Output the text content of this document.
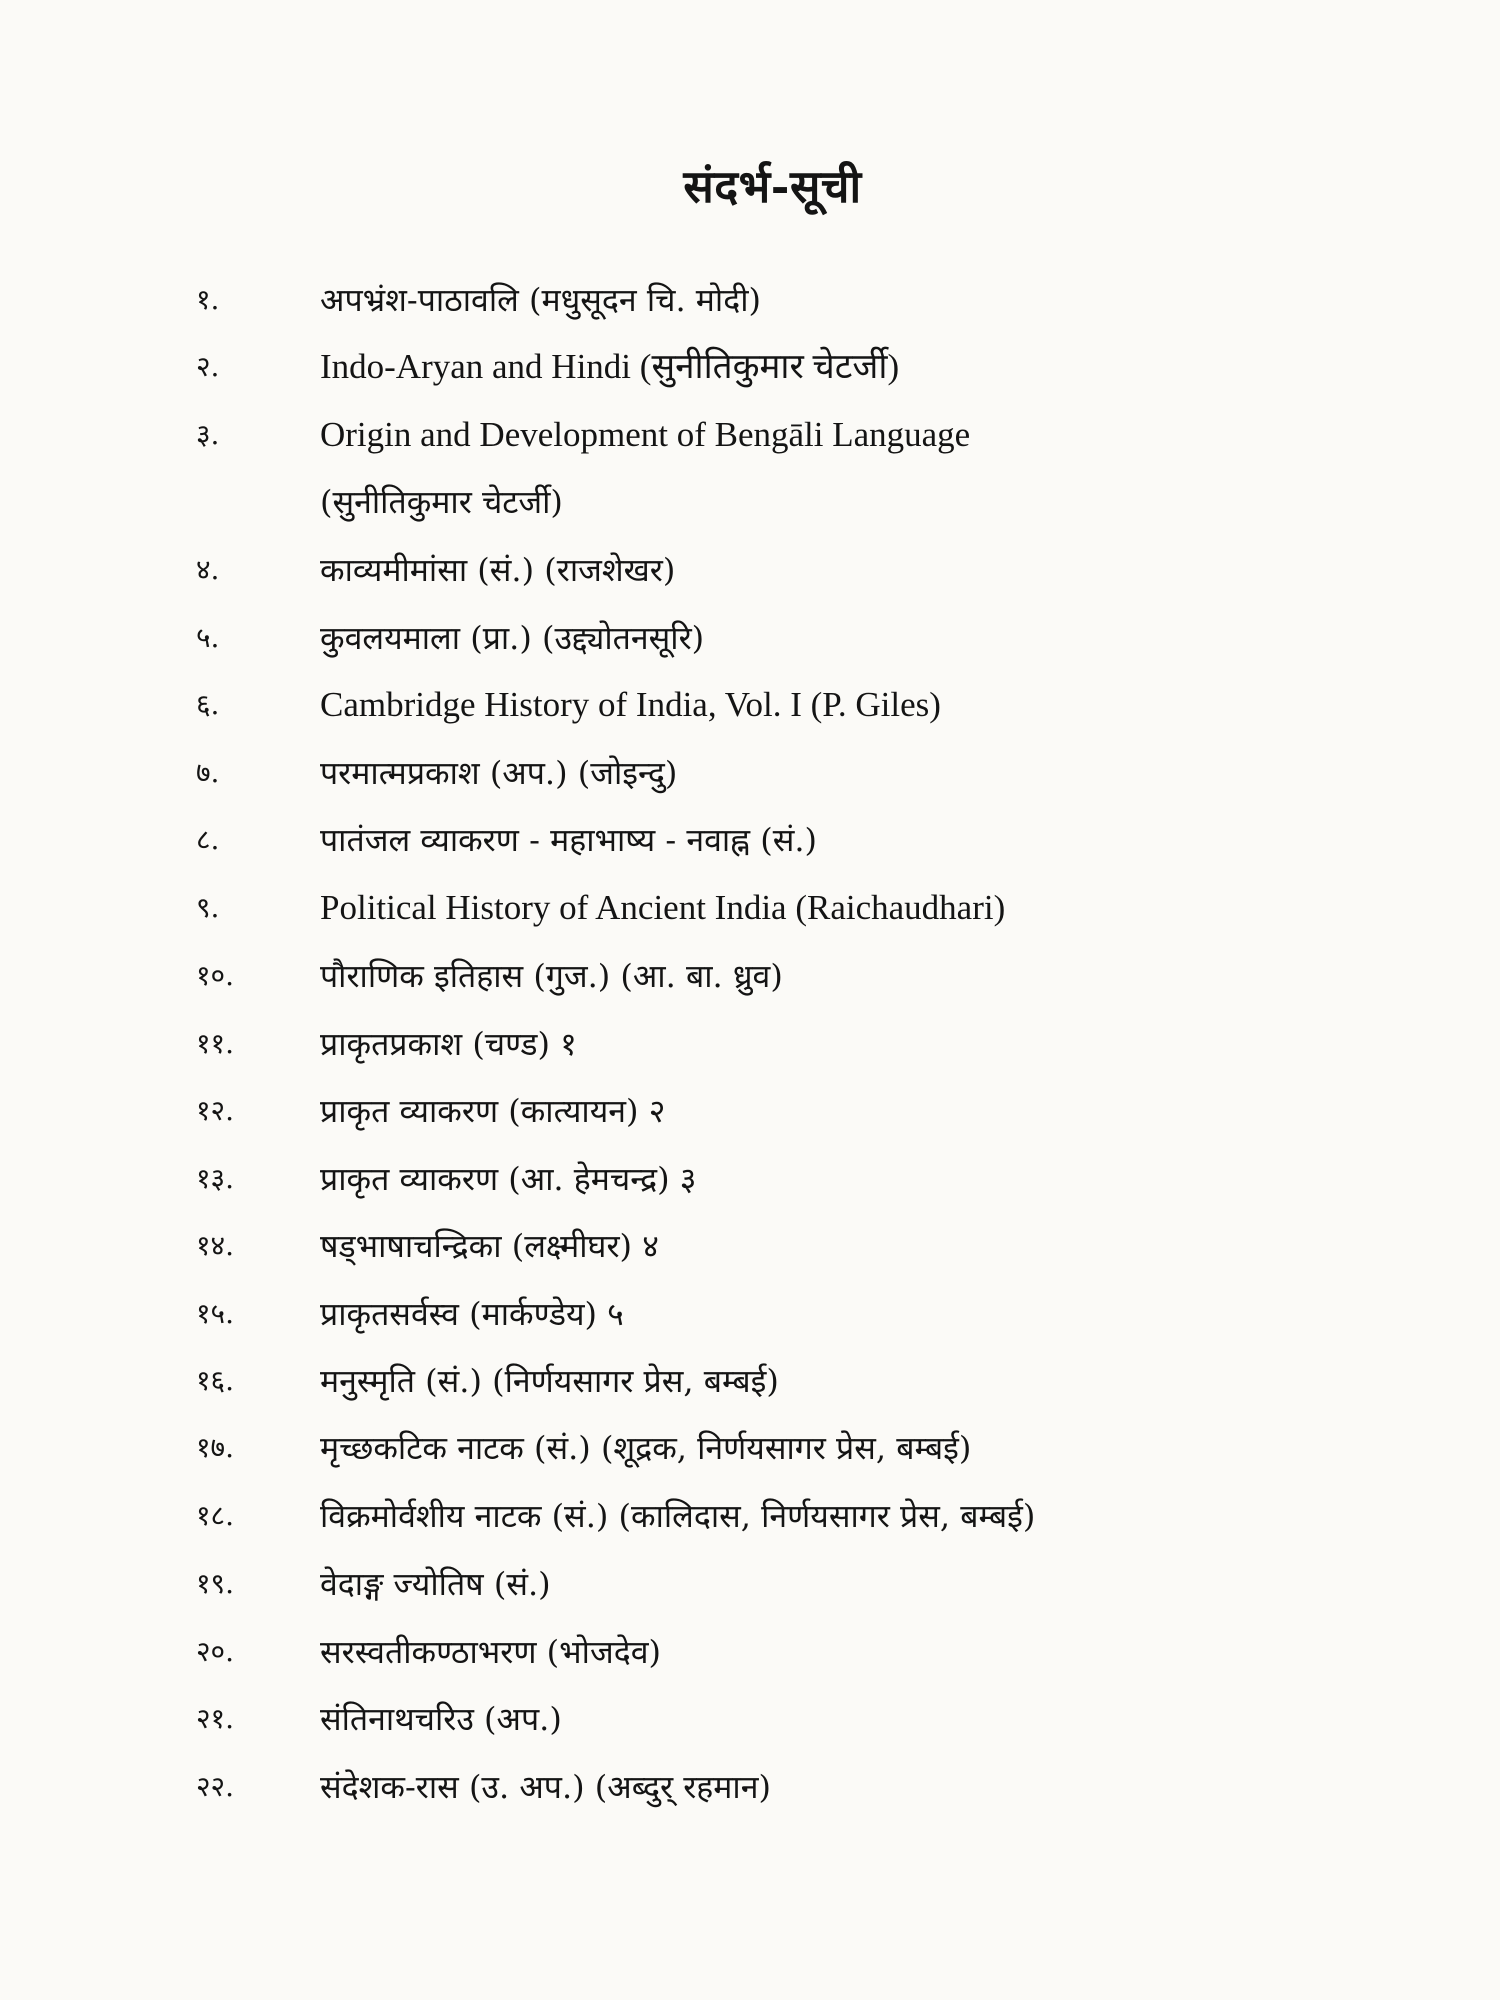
संदर्भ-सूची
१.	अपभ्रंश-पाठावलि (मधुसूदन चि. मोदी)
२.	Indo-Aryan and Hindi (सुनीतिकुमार चेटर्जी)
३.	Origin and Development of Bengāli Language
(सुनीतिकुमार चेटर्जी)
४.	काव्यमीमांसा (सं.) (राजशेखर)
५.	कुवलयमाला (प्रा.) (उद्द्योतनसूरि)
६.	Cambridge History of India, Vol. I (P. Giles)
७.	परमात्मप्रकाश (अप.) (जोइन्दु)
८.	पातंजल व्याकरण - महाभाष्य - नवाह्न (सं.)
९.	Political History of Ancient India (Raichaudhari)
१०.	पौराणिक इतिहास (गुज.) (आ. बा. ध्रुव)
११.	प्राकृतप्रकाश (चण्ड) १
१२.	प्राकृत व्याकरण (कात्यायन) २
१३.	प्राकृत व्याकरण (आ. हेमचन्द्र) ३
१४.	षड्भाषाचन्द्रिका (लक्ष्मीघर) ४
१५.	प्राकृतसर्वस्व (मार्कण्डेय) ५
१६.	मनुस्मृति (सं.) (निर्णयसागर प्रेस, बम्बई)
१७.	मृच्छकटिक नाटक (सं.) (शूद्रक, निर्णयसागर प्रेस, बम्बई)
१८.	विक्रमोर्वशीय नाटक (सं.) (कालिदास, निर्णयसागर प्रेस, बम्बई)
१९.	वेदाङ्ग ज्योतिष (सं.)
२०.	सरस्वतीकण्ठाभरण (भोजदेव)
२१.	संतिनाथचरिउ (अप.)
२२.	संदेशक-रास (उ. अप.) (अब्दुर् रहमान)
